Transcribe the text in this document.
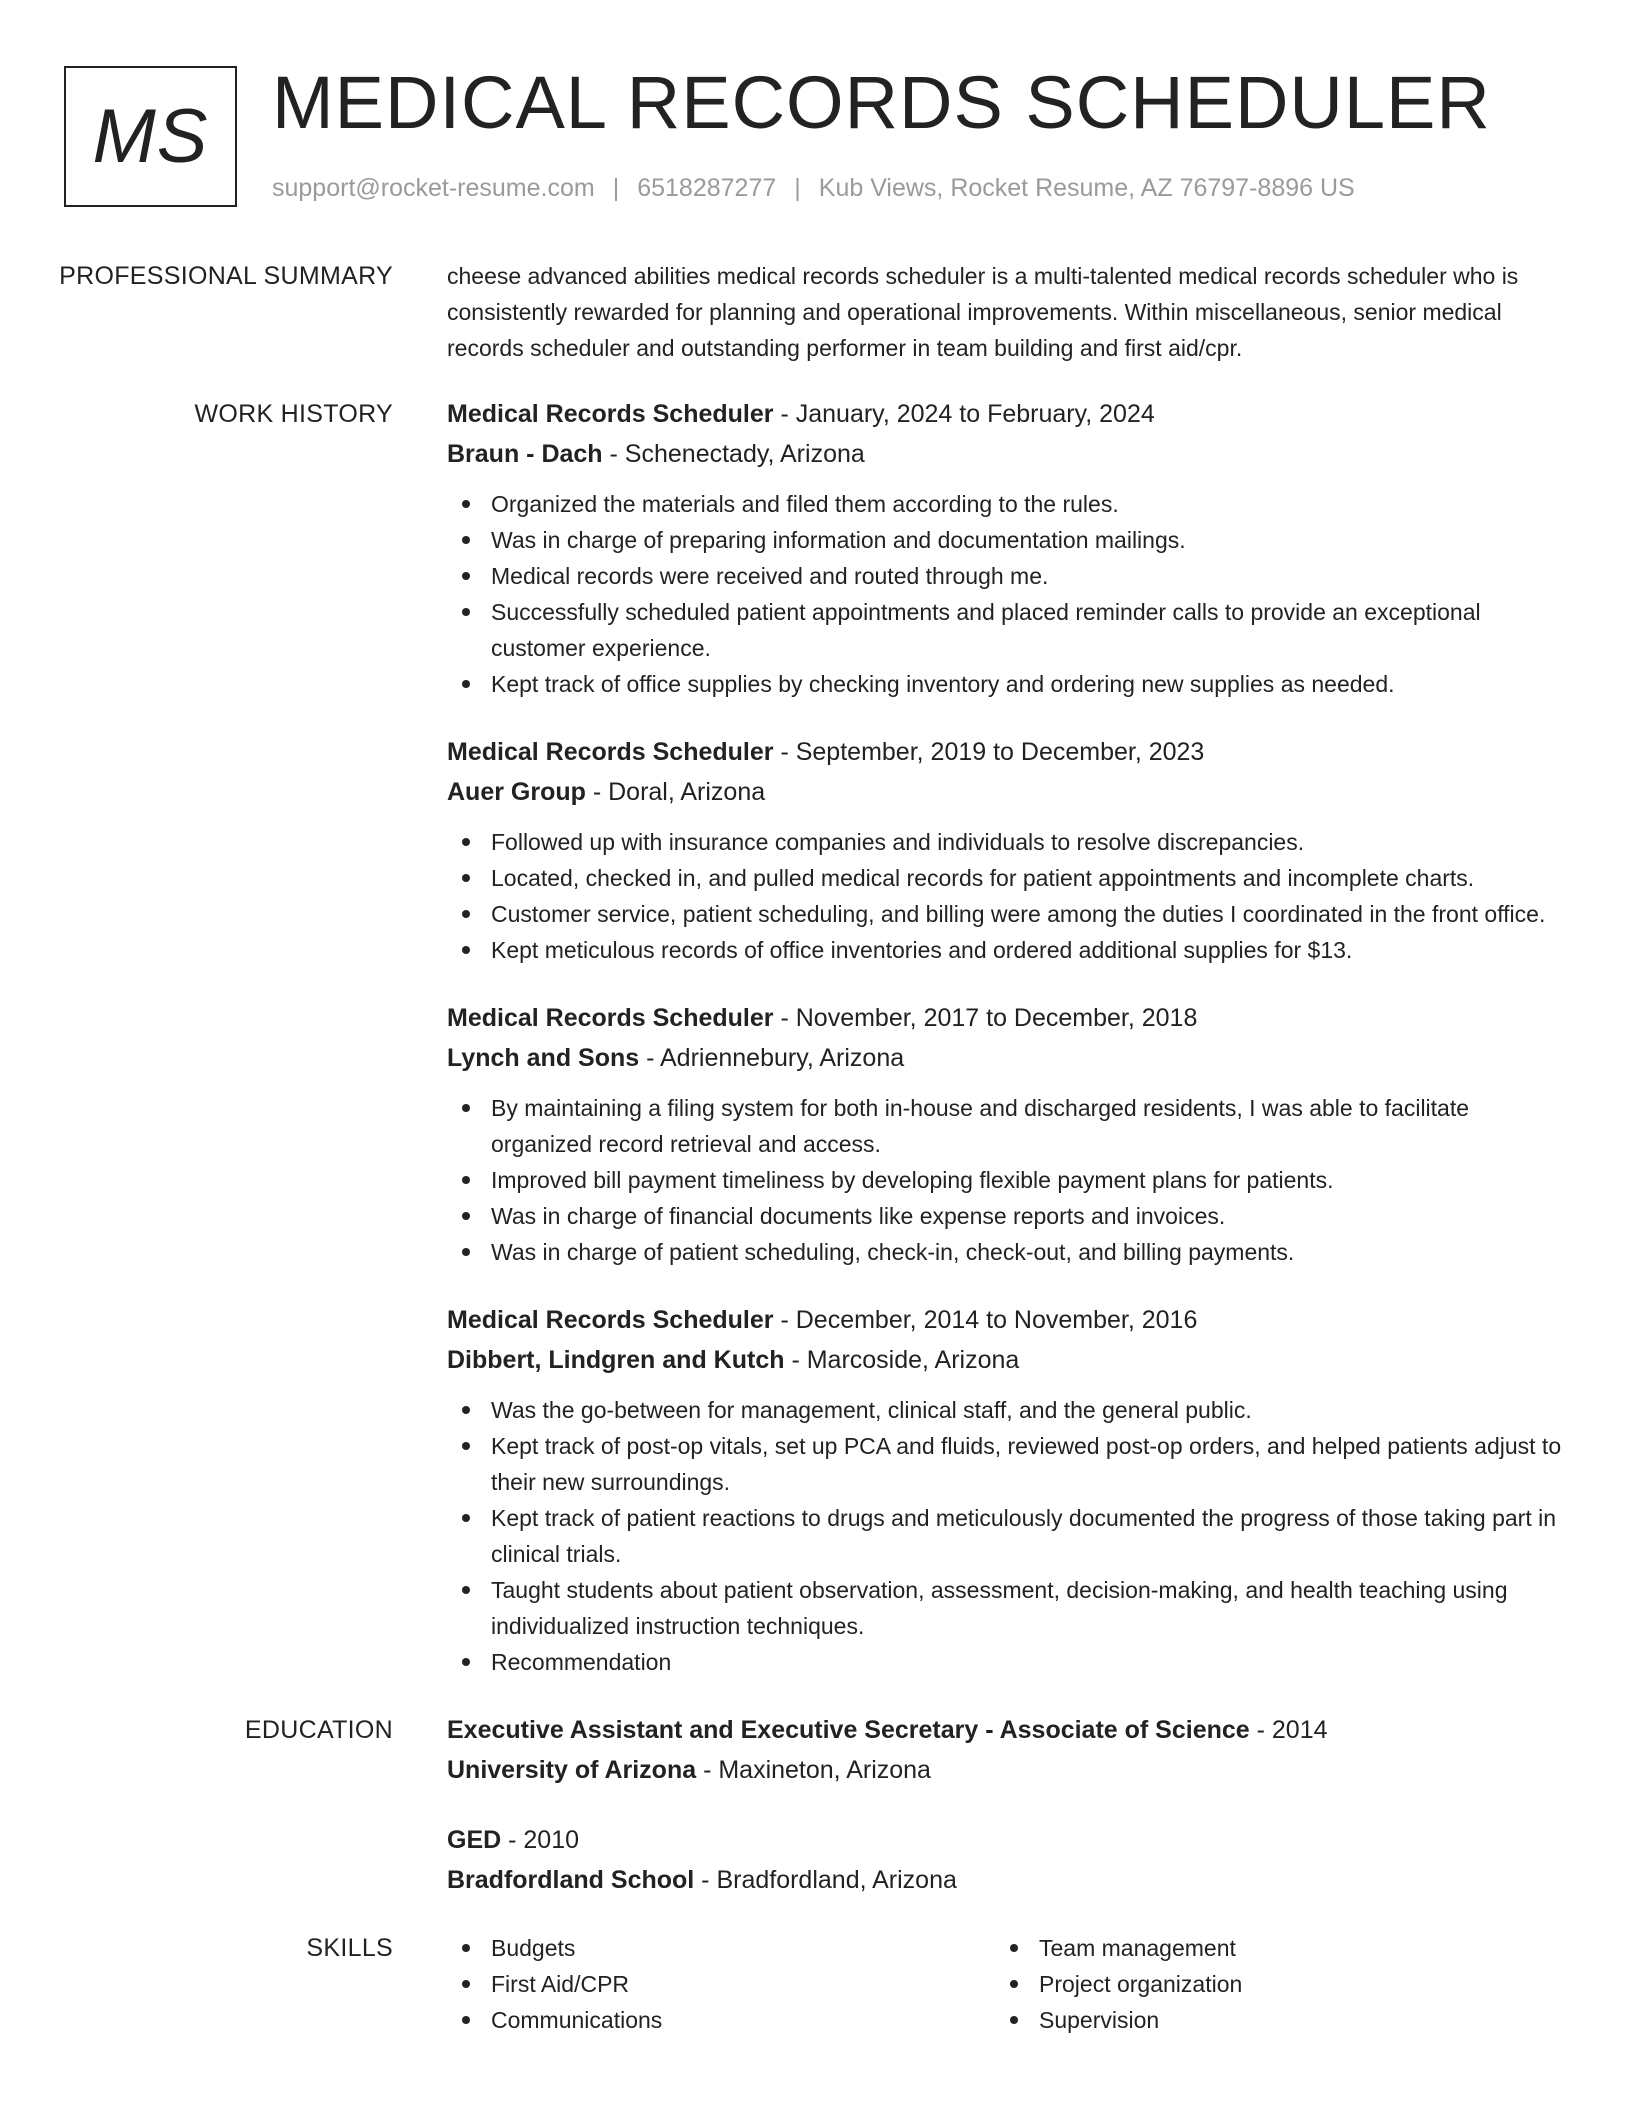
MS MEDICAL RECORDS SCHEDULER
support@rocket-resume.com | 6518287277 | Kub Views, Rocket Resume, AZ 76797-8896 US
PROFESSIONAL SUMMARY	cheese advanced abilities medical records scheduler is a multi-talented medical records scheduler who is consistently rewarded for planning and operational improvements. Within miscellaneous, senior medical records scheduler and outstanding performer in team building and first aid/cpr.

WORK HISTORY	Medical Records Scheduler - January, 2024 to February, 2024
Braun - Dach - Schenectady, Arizona
Organized the materials and filed them according to the rules.
Was in charge of preparing information and documentation mailings.
Medical records were received and routed through me.
Successfully scheduled patient appointments and placed reminder calls to provide an exceptional customer experience.
Kept track of office supplies by checking inventory and ordering new supplies as needed.
Medical Records Scheduler - September, 2019 to December, 2023
Auer Group - Doral, Arizona
Followed up with insurance companies and individuals to resolve discrepancies.
Located, checked in, and pulled medical records for patient appointments and incomplete charts.
Customer service, patient scheduling, and billing were among the duties I coordinated in the front office.
Kept meticulous records of office inventories and ordered additional supplies for $13.
Medical Records Scheduler - November, 2017 to December, 2018
Lynch and Sons - Adriennebury, Arizona
By maintaining a filing system for both in-house and discharged residents, I was able to facilitate organized record retrieval and access.
Improved bill payment timeliness by developing flexible payment plans for patients.
Was in charge of financial documents like expense reports and invoices.
Was in charge of patient scheduling, check-in, check-out, and billing payments.
Medical Records Scheduler - December, 2014 to November, 2016
Dibbert, Lindgren and Kutch - Marcoside, Arizona
Was the go-between for management, clinical staff, and the general public.
Kept track of post-op vitals, set up PCA and fluids, reviewed post-op orders, and helped patients adjust to their new surroundings.
Kept track of patient reactions to drugs and meticulously documented the progress of those taking part in clinical trials.
Taught students about patient observation, assessment, decision-making, and health teaching using individualized instruction techniques.
Recommendation
EDUCATION	Executive Assistant and Executive Secretary - Associate of Science - 2014
University of Arizona - Maxineton, Arizona
GED - 2010
Bradfordland School - Bradfordland, Arizona
SKILLS	Budgets
First Aid/CPR
Communications
Team management
Project organization
Supervision
